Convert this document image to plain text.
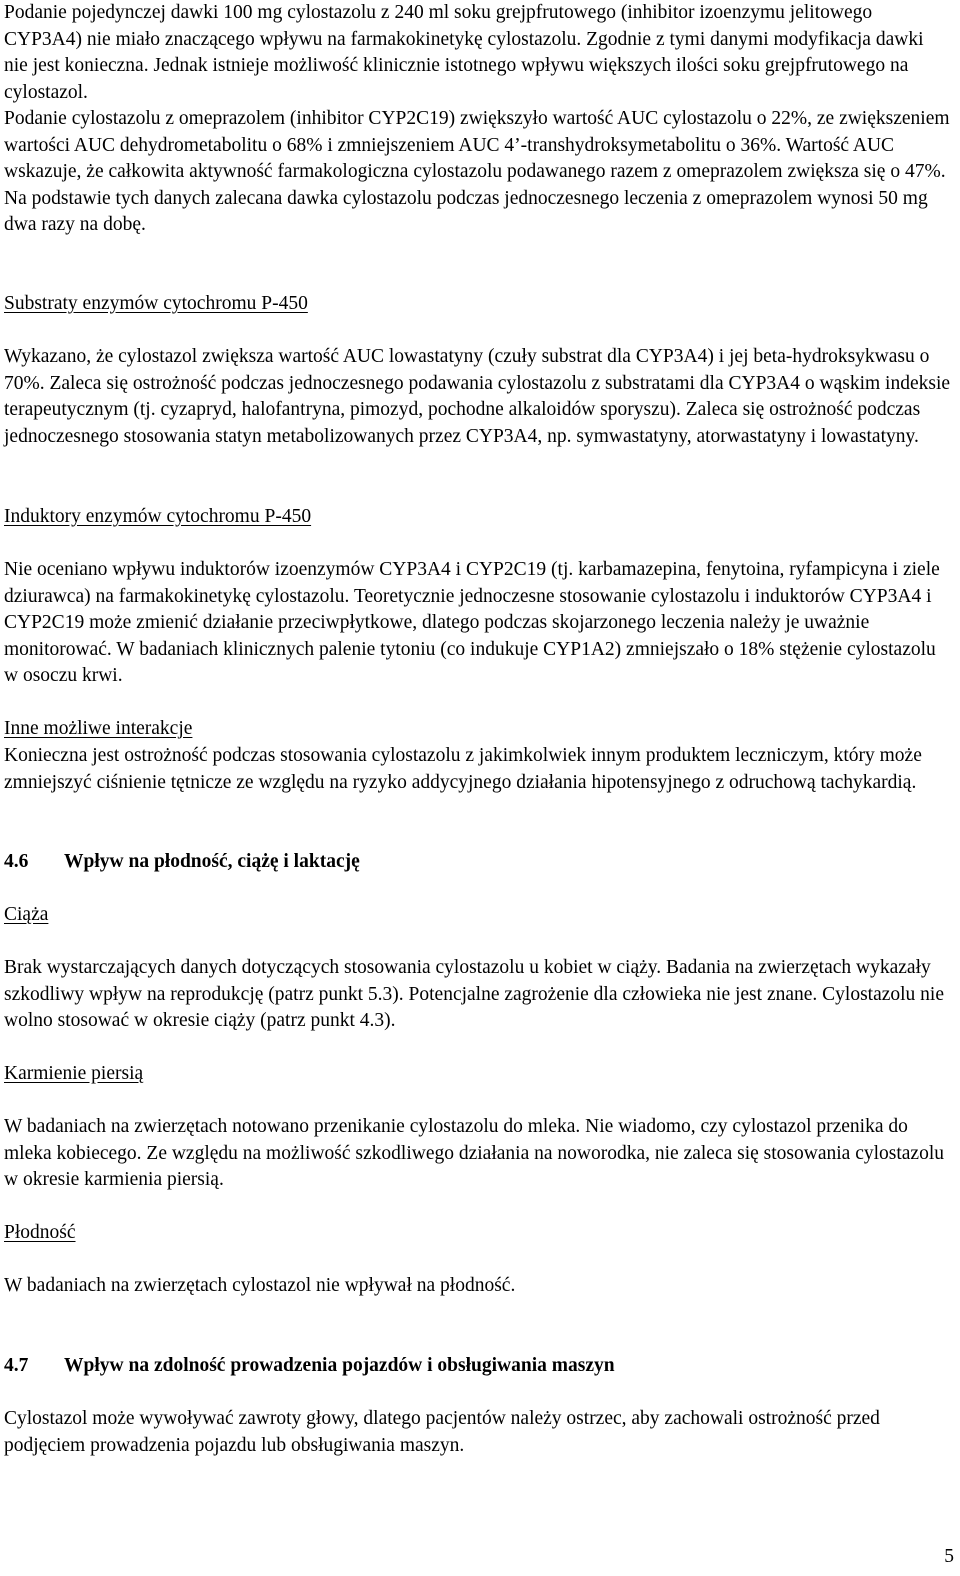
Podanie pojedynczej dawki 100 mg cylostazolu z 240 ml soku grejpfrutowego (inhibitor izoenzymu jelitowego CYP3A4) nie miało znaczącego wpływu na farmakokinetykę cylostazolu. Zgodnie z tymi danymi modyfikacja dawki nie jest konieczna. Jednak istnieje możliwość klinicznie istotnego wpływu większych ilości soku grejpfrutowego na cylostazol.

Podanie cylostazolu z omeprazolem (inhibitor CYP2C19) zwiększyło wartość AUC cylostazolu o 22%, ze zwiększeniem wartości AUC dehydrometabolitu o 68% i zmniejszeniem AUC 4’-transhydroksymetabolitu o 36%. Wartość AUC wskazuje, że całkowita aktywność farmakologiczna cylostazolu podawanego razem z omeprazolem zwiększa się o 47%. Na podstawie tych danych zalecana dawka cylostazolu podczas jednoczesnego leczenia z omeprazolem wynosi 50 mg dwa razy na dobę.

Substraty enzymów cytochromu P-450

Wykazano, że cylostazol zwiększa wartość AUC lowastatyny (czuły substrat dla CYP3A4) i jej beta-hydroksykwasu o 70%. Zaleca się ostrożność podczas jednoczesnego podawania cylostazolu z substratami dla CYP3A4 o wąskim indeksie terapeutycznym (tj. cyzapryd, halofantryna, pimozyd, pochodne alkaloidów sporyszu). Zaleca się ostrożność podczas jednoczesnego stosowania statyn metabolizowanych przez CYP3A4, np. symwastatyny, atorwastatyny i lowastatyny.

Induktory enzymów cytochromu P-450

Nie oceniano wpływu induktorów izoenzymów CYP3A4 i CYP2C19 (tj. karbamazepina, fenytoina, ryfampicyna i ziele dziurawca) na farmakokinetykę cylostazolu. Teoretycznie jednoczesne stosowanie cylostazolu i induktorów CYP3A4 i CYP2C19 może zmienić działanie przeciwpłytkowe, dlatego podczas skojarzonego leczenia należy je uważnie monitorować. W badaniach klinicznych palenie tytoniu (co indukuje CYP1A2) zmniejszało o 18% stężenie cylostazolu w osoczu krwi.

Inne możliwe interakcje

Konieczna jest ostrożność podczas stosowania cylostazolu z jakimkolwiek innym produktem leczniczym, który może zmniejszyć ciśnienie tętnicze ze względu na ryzyko addycyjnego działania hipotensyjnego z odruchową tachykardią.

4.6 Wpływ na płodność, ciążę i laktację

Ciąża

Brak wystarczających danych dotyczących stosowania cylostazolu u kobiet w ciąży. Badania na zwierzętach wykazały szkodliwy wpływ na reprodukcję (patrz punkt 5.3). Potencjalne zagrożenie dla człowieka nie jest znane. Cylostazolu nie wolno stosować w okresie ciąży (patrz punkt 4.3).

Karmienie piersią

W badaniach na zwierzętach notowano przenikanie cylostazolu do mleka. Nie wiadomo, czy cylostazol przenika do mleka kobiecego. Ze względu na możliwość szkodliwego działania na noworodka, nie zaleca się stosowania cylostazolu w okresie karmienia piersią.

Płodność

W badaniach na zwierzętach cylostazol nie wpływał na płodność.

4.7 Wpływ na zdolność prowadzenia pojazdów i obsługiwania maszyn

Cylostazol może wywoływać zawroty głowy, dlatego pacjentów należy ostrzec, aby zachowali ostrożność przed podjęciem prowadzenia pojazdu lub obsługiwania maszyn.

5
